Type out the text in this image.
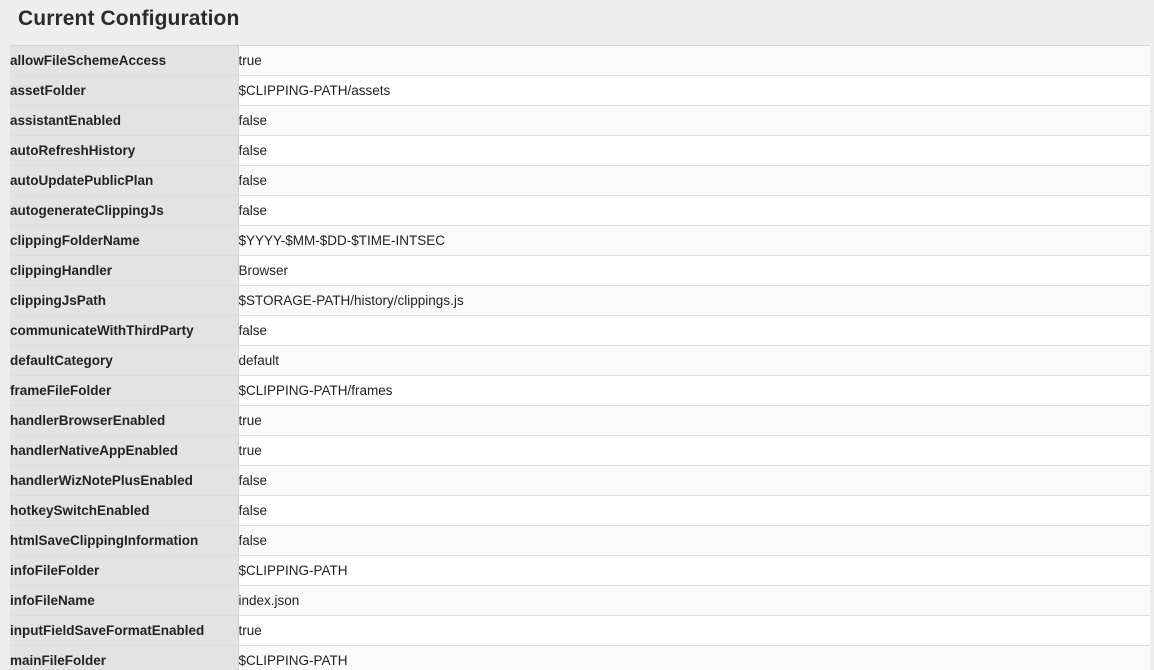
Current Configuration
allowFileSchemeAccess	true
assetFolder	$CLIPPING-PATH/assets
assistantEnabled	false
autoRefreshHistory	false
autoUpdatePublicPlan	false
autogenerateClippingJs	false
clippingFolderName	$YYYY-$MM-$DD-$TIME-INTSEC
clippingHandler	Browser
clippingJsPath	$STORAGE-PATH/history/clippings.js
communicateWithThirdParty	false
defaultCategory	default
frameFileFolder	$CLIPPING-PATH/frames
handlerBrowserEnabled	true
handlerNativeAppEnabled	true
handlerWizNotePlusEnabled	false
hotkeySwitchEnabled	false
htmlSaveClippingInformation	false
infoFileFolder	$CLIPPING-PATH
infoFileName	index.json
inputFieldSaveFormatEnabled	true
mainFileFolder	$CLIPPING-PATH
